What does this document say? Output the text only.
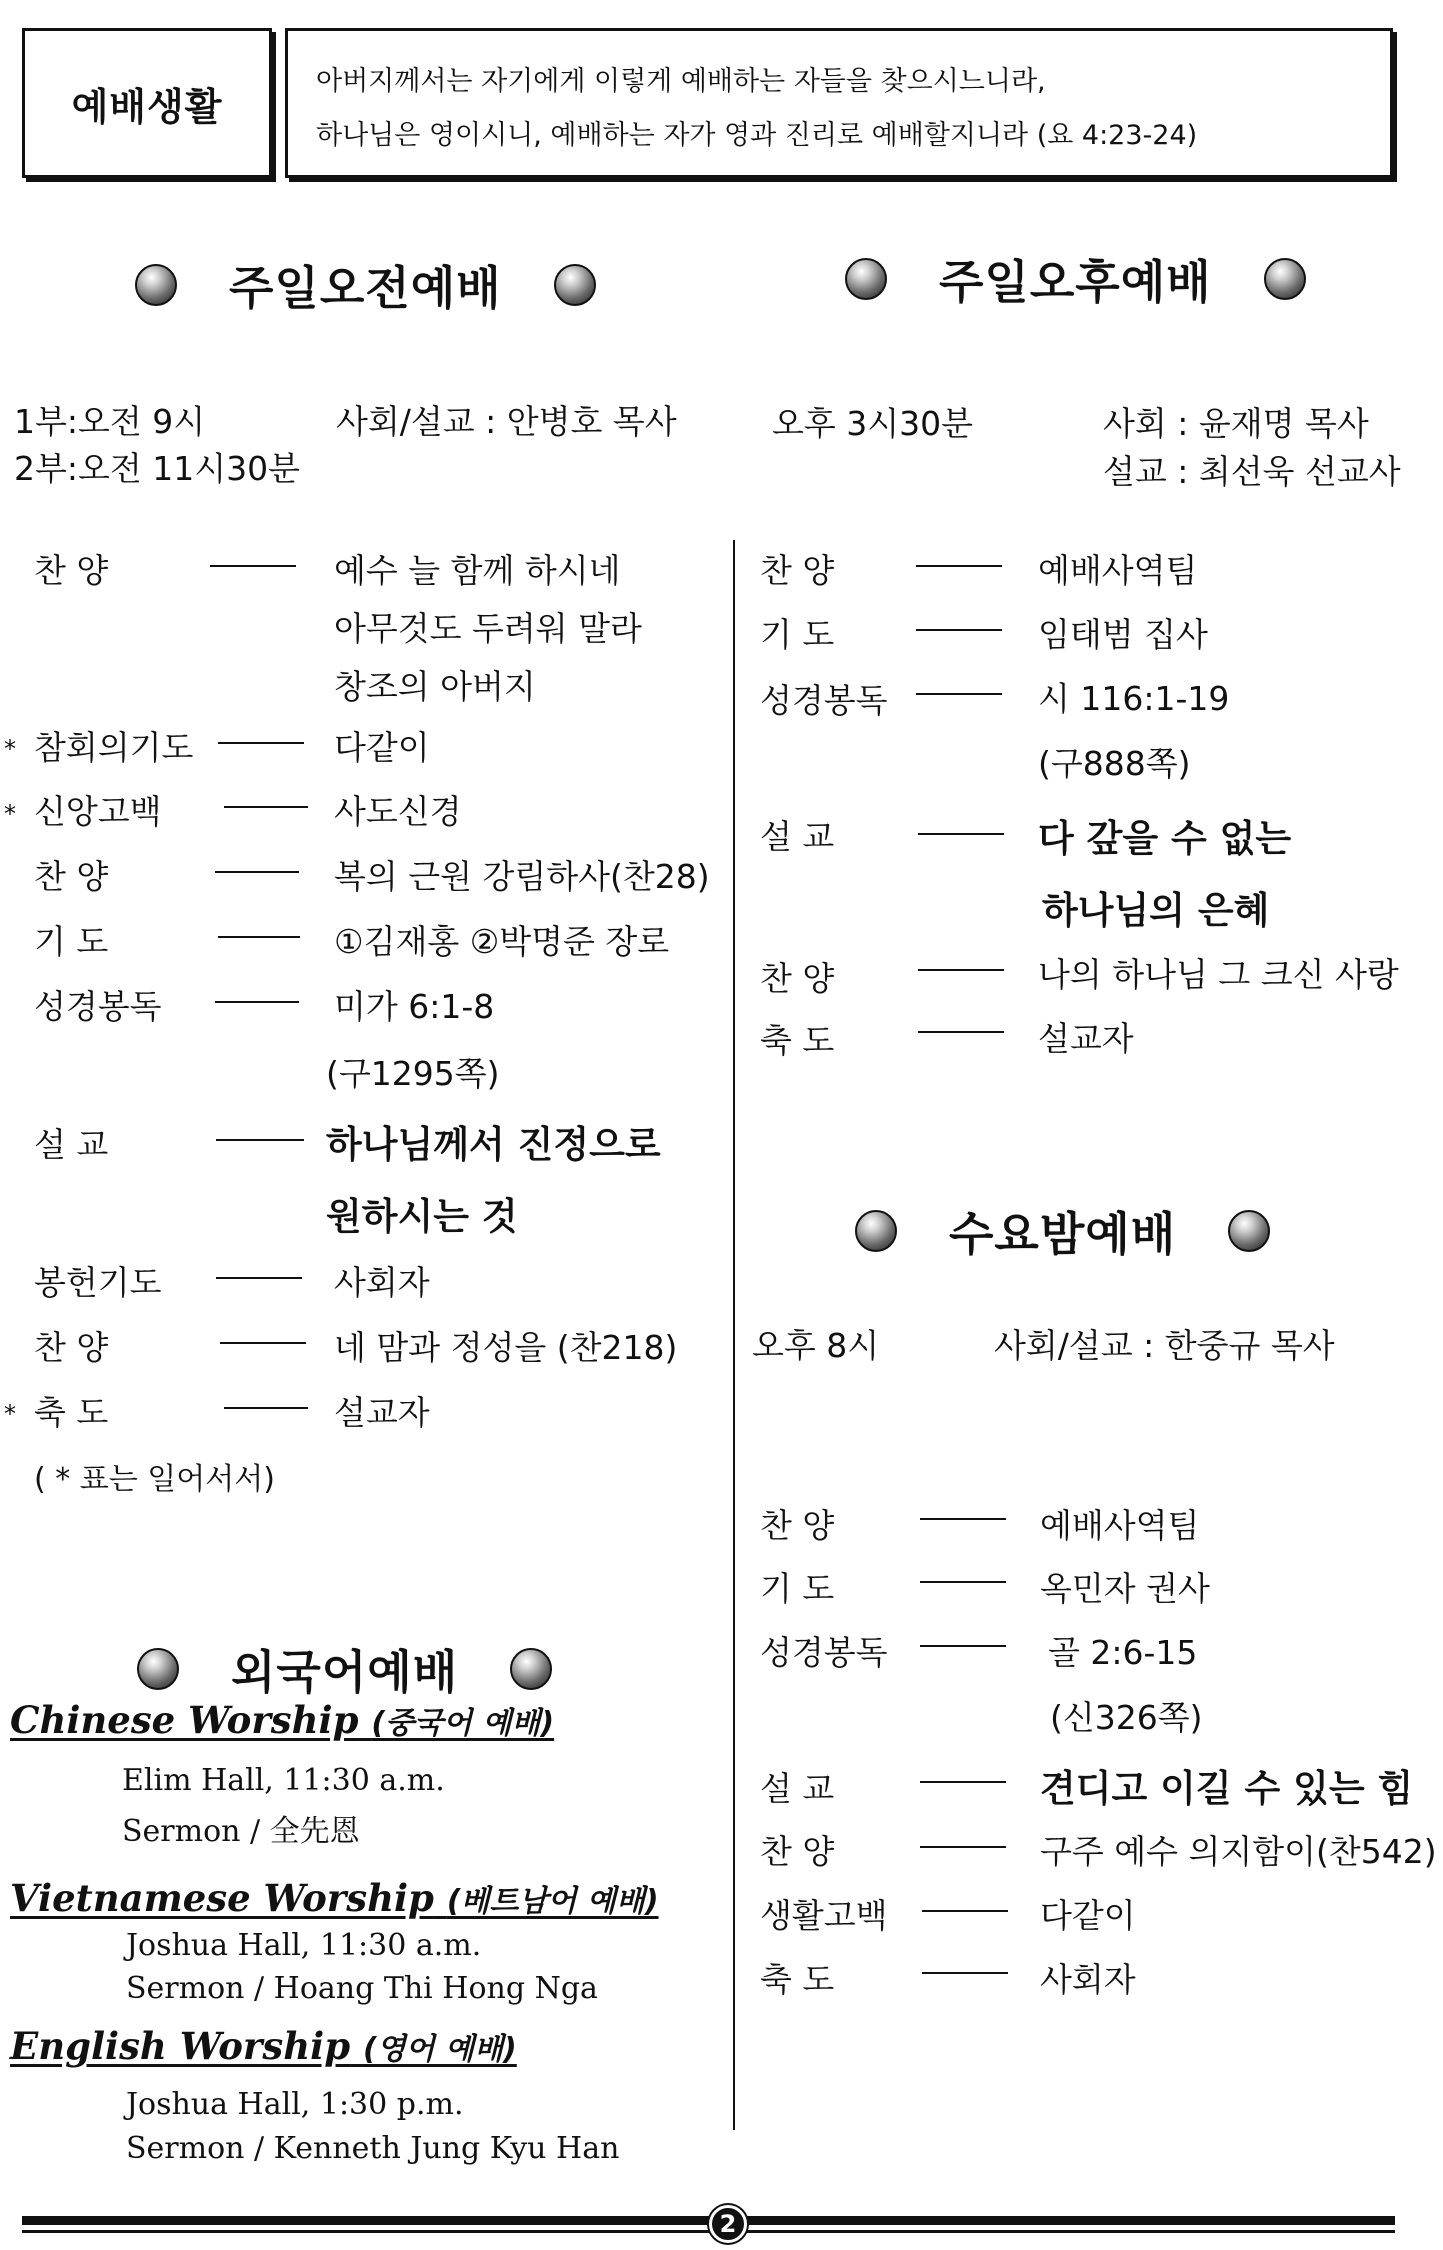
예배생활
아버지께서는 자기에게 이렇게 예배하는 자들을 찾으시느니라,
하나님은 영이시니, 예배하는 자가 영과 진리로 예배할지니라 (요 4:23-24)
주일오전예배	주일오후예배
수요밤예배
외국어예배
1부:오전 9시
2부:오전 11시30분
사회/설교 : 안병호 목사	오후 3시30분	사회 : 윤재명 목사
설교 : 최선욱 선교사
찬 양	예수 늘 함께 하시네
아무것도 두려워 말라
창조의 아버지
* 참회의기도	다같이
* 신앙고백	사도신경
찬 양	복의 근원 강림하사(찬28)
기 도	①김재홍 ②박명준 장로
성경봉독	미가 6:1-8
(구1295쪽)
설 교	하나님께서 진정으로
원하시는 것
봉헌기도	사회자
찬 양	네 맘과 정성을 (찬218)
* 축 도	설교자
( * 표는 일어서서)
찬 양	예배사역팀
기 도	임태범 집사
성경봉독	시 116:1-19
(구888쪽)
설 교	다 갚을 수 없는
하나님의 은혜
찬 양	나의 하나님 그 크신 사랑
축 도	설교자
오후 8시	사회/설교 : 한중규 목사
찬 양	예배사역팀
기 도	옥민자 권사
성경봉독	골 2:6-15
(신326쪽)
설 교	견디고 이길 수 있는 힘
찬 양	구주 예수 의지함이(찬542)
생활고백	다같이
축 도	사회자
Chinese Worship (중국어 예배)
Elim Hall, 11:30 a.m.
Sermon / 全先恩
Vietnamese Worship (베트남어 예배)
Joshua Hall, 11:30 a.m.
Sermon / Hoang Thi Hong Nga
English Worship (영어 예배)
Joshua Hall, 1:30 p.m.
Sermon / Kenneth Jung Kyu Han
2
